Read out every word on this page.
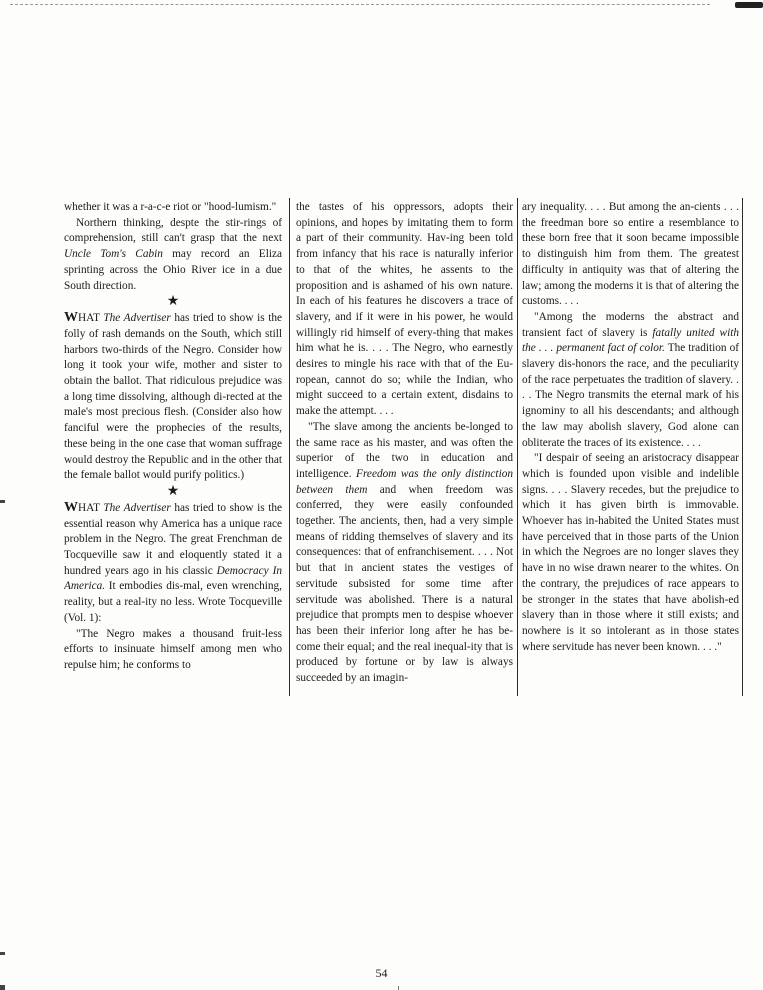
whether it was a r-a-c-e riot or "hood-lumism."

Northern thinking, despte the stir-rings of comprehension, still can't grasp that the next Uncle Tom's Cabin may record an Eliza sprinting across the Ohio River ice in a due South direction.

★

WHAT The Advertiser has tried to show is the folly of rash demands on the South, which still harbors two-thirds of the Negro. Consider how long it took your wife, mother and sister to obtain the ballot. That ridiculous prejudice was a long time dissolving, although di-rected at the male's most precious flesh. (Consider also how fanciful were the prophecies of the results, these being in the one case that woman suffrage would destroy the Republic and in the other that the female ballot would purify politics.)

★

WHAT The Advertiser has tried to show is the essential reason why America has a unique race problem in the Negro. The great Frenchman de Tocqueville saw it and eloquently stated it a hundred years ago in his classic Democracy In America. It embodies dis-mal, even wrenching, reality, but a real-ity no less. Wrote Tocqueville (Vol. 1):

"The Negro makes a thousand fruit-less efforts to insinuate himself among men who repulse him; he conforms to

the tastes of his oppressors, adopts their opinions, and hopes by imitating them to form a part of their community. Hav-ing been told from infancy that his race is naturally inferior to that of the whites, he assents to the proposition and is ashamed of his own nature. In each of his features he discovers a trace of slavery, and if it were in his power, he would willingly rid himself of every-thing that makes him what he is. . . . The Negro, who earnestly desires to mingle his race with that of the Eu-ropean, cannot do so; while the Indian, who might succeed to a certain extent, disdains to make the attempt. . . .

"The slave among the ancients be-longed to the same race as his master, and was often the superior of the two in education and intelligence. Freedom was the only distinction between them and when freedom was conferred, they were easily confounded together. The ancients, then, had a very simple means of ridding themselves of slavery and its consequences: that of enfranchisement. . . . Not but that in ancient states the vestiges of servitude subsisted for some time after servitude was abolished. There is a natural prejudice that prompts men to despise whoever has been their inferior long after he has be-come their equal; and the real inequal-ity that is produced by fortune or by law is always succeeded by an imagin-

ary inequality. . . . But among the an-cients . . . the freedman bore so entire a resemblance to these born free that it soon became impossible to distinguish him from them. The greatest difficulty in antiquity was that of altering the law; among the moderns it is that of altering the customs. . . .

"Among the moderns the abstract and transient fact of slavery is fatally united with the . . . permanent fact of color. The tradition of slavery dis-honors the race, and the peculiarity of the race perpetuates the tradition of slavery. . . . The Negro transmits the eternal mark of his ignominy to all his descendants; and although the law may abolish slavery, God alone can obliterate the traces of its existence. . . .

"I despair of seeing an aristocracy disappear which is founded upon visible and indelible signs. . . . Slavery recedes, but the prejudice to which it has given birth is immovable. Whoever has in-habited the United States must have perceived that in those parts of the Union in which the Negroes are no longer slaves they have in no wise drawn nearer to the whites. On the contrary, the prejudices of race appears to be stronger in the states that have abolish-ed slavery than in those where it still exists; and nowhere is it so intolerant as in those states where servitude has never been known. . . ."

54
